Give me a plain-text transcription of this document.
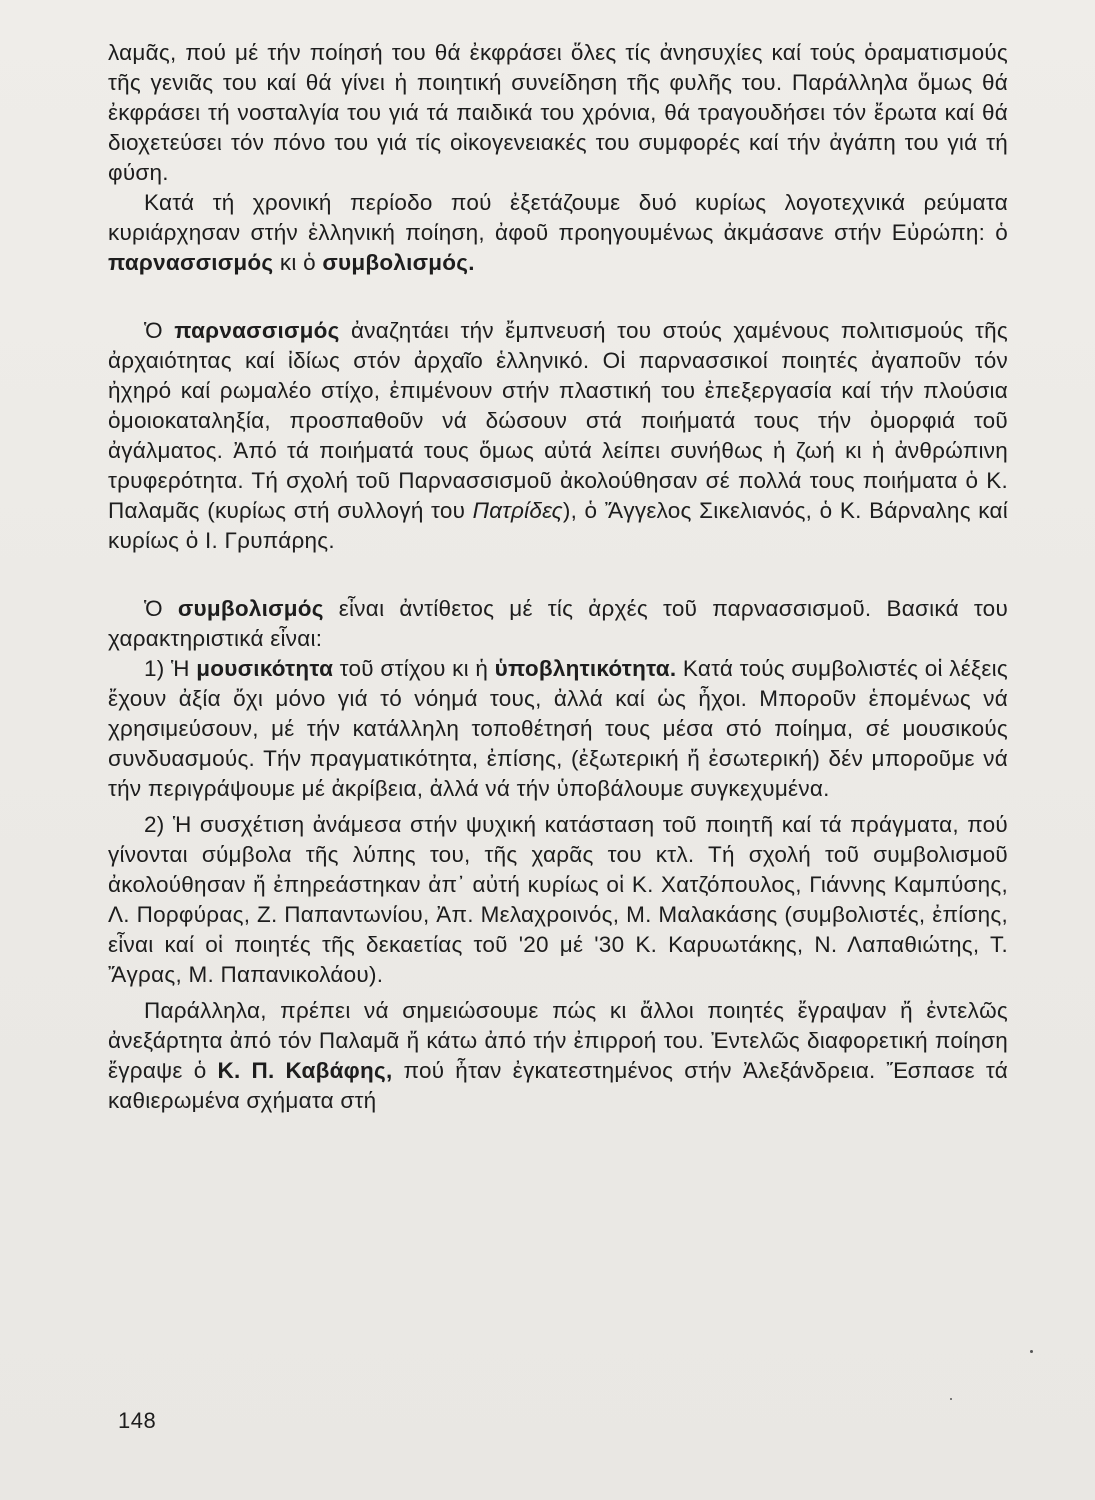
λαμᾶς, πού μέ τήν ποίησή του θά ἐκφράσει ὅλες τίς ἀνησυχίες καί τούς ὁραματισμούς τῆς γενιᾶς του καί θά γίνει ἡ ποιητική συνείδηση τῆς φυλῆς του. Παράλληλα ὅμως θά ἐκφράσει τή νοσταλγία του γιά τά παιδικά του χρόνια, θά τραγουδήσει τόν ἔρωτα καί θά διοχετεύσει τόν πόνο του γιά τίς οἰκογενειακές του συμφορές καί τήν ἀγάπη του γιά τή φύση.

Κατά τή χρονική περίοδο πού ἐξετάζουμε δυό κυρίως λογοτεχνικά ρεύματα κυριάρχησαν στήν ἑλληνική ποίηση, ἀφοῦ προηγουμένως ἀκμάσανε στήν Εὐρώπη: ὁ παρνασσισμός κι ὁ συμβολισμός.

Ὁ παρνασσισμός ἀναζητάει τήν ἔμπνευσή του στούς χαμένους πολιτισμούς τῆς ἀρχαιότητας καί ἰδίως στόν ἀρχαῖο ἑλληνικό. Οἱ παρνασσικοί ποιητές ἀγαποῦν τόν ἠχηρό καί ρωμαλέο στίχο, ἐπιμένουν στήν πλαστική του ἐπεξεργασία καί τήν πλούσια ὁμοιοκαταληξία, προσπαθοῦν νά δώσουν στά ποιήματά τους τήν ὀμορφιά τοῦ ἀγάλματος. Ἀπό τά ποιήματά τους ὅμως αὐτά λείπει συνήθως ἡ ζωή κι ἡ ἀνθρώπινη τρυφερότητα. Τή σχολή τοῦ Παρνασσισμοῦ ἀκολούθησαν σέ πολλά τους ποιήματα ὁ Κ. Παλαμᾶς (κυρίως στή συλλογή του Πατρίδες), ὁ Ἄγγελος Σικελιανός, ὁ Κ. Βάρναλης καί κυρίως ὁ Ι. Γρυπάρης.

Ὁ συμβολισμός εἶναι ἀντίθετος μέ τίς ἀρχές τοῦ παρνασσισμοῦ. Βασικά του χαρακτηριστικά εἶναι:

1) Ἡ μουσικότητα τοῦ στίχου κι ἡ ὑποβλητικότητα. Κατά τούς συμβολιστές οἱ λέξεις ἔχουν ἀξία ὄχι μόνο γιά τό νόημά τους, ἀλλά καί ὡς ἦχοι. Μποροῦν ἑπομένως νά χρησιμεύσουν, μέ τήν κατάλληλη τοποθέτησή τους μέσα στό ποίημα, σέ μουσικούς συνδυασμούς. Τήν πραγματικότητα, ἐπίσης, (ἐξωτερική ἤ ἐσωτερική) δέν μποροῦμε νά τήν περιγράψουμε μέ ἀκρίβεια, ἀλλά νά τήν ὑποβάλουμε συγκεχυμένα.

2) Ἡ συσχέτιση ἀνάμεσα στήν ψυχική κατάσταση τοῦ ποιητῆ καί τά πράγματα, πού γίνονται σύμβολα τῆς λύπης του, τῆς χαρᾶς του κτλ. Τή σχολή τοῦ συμβολισμοῦ ἀκολούθησαν ἤ ἐπηρεάστηκαν ἀπ᾽ αὐτή κυρίως οἱ Κ. Χατζόπουλος, Γιάννης Καμπύσης, Λ. Πορφύρας, Ζ. Παπαντωνίου, Ἀπ. Μελαχροινός, Μ. Μαλακάσης (συμβολιστές, ἐπίσης, εἶναι καί οἱ ποιητές τῆς δεκαετίας τοῦ '20 μέ '30 Κ. Καρυωτάκης, Ν. Λαπαθιώτης, Τ. Ἄγρας, Μ. Παπανικολάου).

Παράλληλα, πρέπει νά σημειώσουμε πώς κι ἄλλοι ποιητές ἔγραψαν ἤ ἐντελῶς ἀνεξάρτητα ἀπό τόν Παλαμᾶ ἤ κάτω ἀπό τήν ἐπιρροή του. Ἐντελῶς διαφορετική ποίηση ἔγραψε ὁ Κ. Π. Καβάφης, πού ἦταν ἐγκατεστημένος στήν Ἀλεξάνδρεια. Ἔσπασε τά καθιερωμένα σχήματα στή

148
